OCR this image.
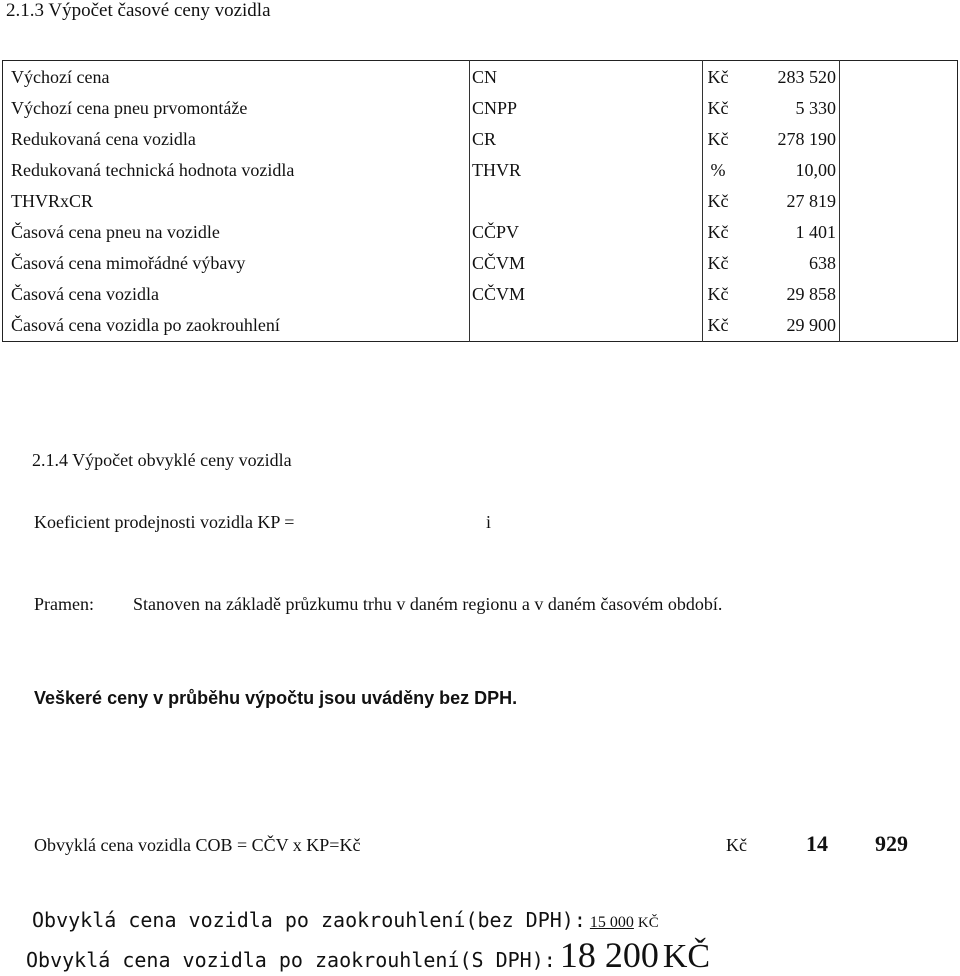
2.1.3 Výpočet časové ceny vozidla
Výchozí cena	CN	Kč	283 520	
Výchozí cena pneu prvomontáže	CNPP	Kč	5 330	
Redukovaná cena vozidla	CR	Kč	278 190	
Redukovaná technická hodnota vozidla	THVR	%	10,00	
THVRxCR		Kč	27 819	
Časová cena pneu na vozidle	CČPV	Kč	1 401	
Časová cena mimořádné výbavy	CČVM	Kč	638	
Časová cena vozidla	CČVM	Kč	29 858	
Časová cena vozidla po zaokrouhlení		Kč	29 900	
2.1.4 Výpočet obvyklé ceny vozidla
Koeficient prodejnosti vozidla KP =	i
Pramen: Stanoven na základě průzkumu trhu v daném regionu a v daném časovém období.
Veškeré ceny v průběhu výpočtu jsou uváděny bez DPH.
Obvyklá cena vozidla COB = CČV x KP=Kč	Kč	14 929
Obvyklá cena vozidla po zaokrouhlení(bez DPH): 15 000 KČ
Obvyklá cena vozidla po zaokrouhlení(S DPH): 18 200 KČ
